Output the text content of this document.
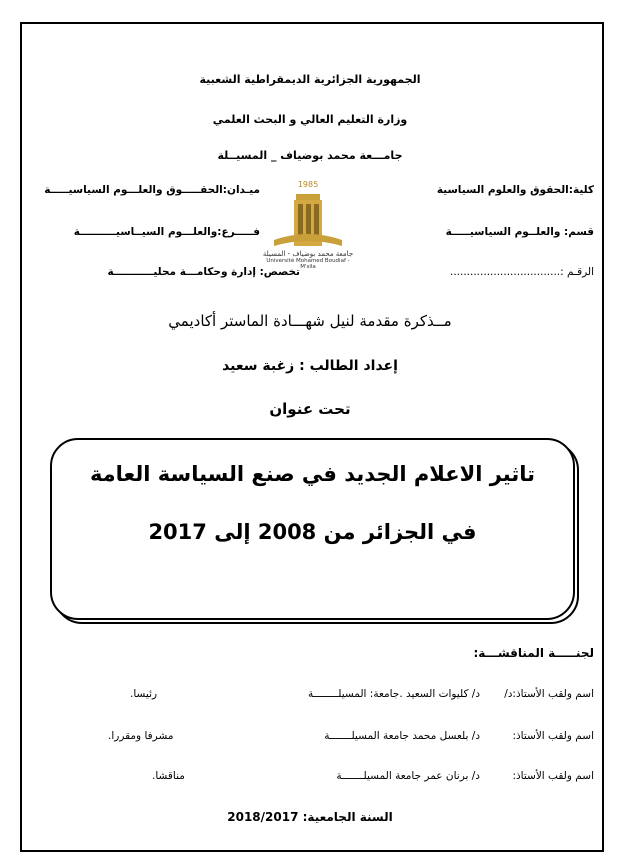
الجمهورية الجزائرية الديمقراطية الشعبية
وزارة التعليم العالي و البحث العلمي
جامـــعة محمد بوضياف _ المسيــلة
كلية:الحقوق والعلوم السياسية
قسم: والعلــوم السياسيـــــة
الرقـم :.................................
ميـدان:الحقـــــوق والعلـــوم السياسيـــــة
فـــــرع:والعلـــوم السيــاسيــــــــــة
تخصص: إدارة وحكامـــة محليـــــــــــة
1985
جامعة محمد بوضياف - المسيلة
Université Mohamed Boudiaf - M'sila
مــذكرة مقدمة لنيل شهـــادة الماستر أكاديمي
إعداد الطالب : زغبة سعيد
تحت عنوان
تاثير الاعلام الجديد في صنع السياسة العامة
في الجزائر من 2008 إلى 2017
لجنـــــة المناقشـــة:
اسم ولقب الأستاذ:د/
د/ كليوات السعيد .جامعة: المسيلــــــــة
رئيسا.
اسم ولقب الأستاذ:
د/ بلعسل محمد جامعة المسيلـــــــة
مشرفا ومقررا.
اسم ولقب الأستاذ:
د/ برنان عمر جامعة المسيلـــــــة
مناقشا.
السنة الجامعية: 2018/2017
